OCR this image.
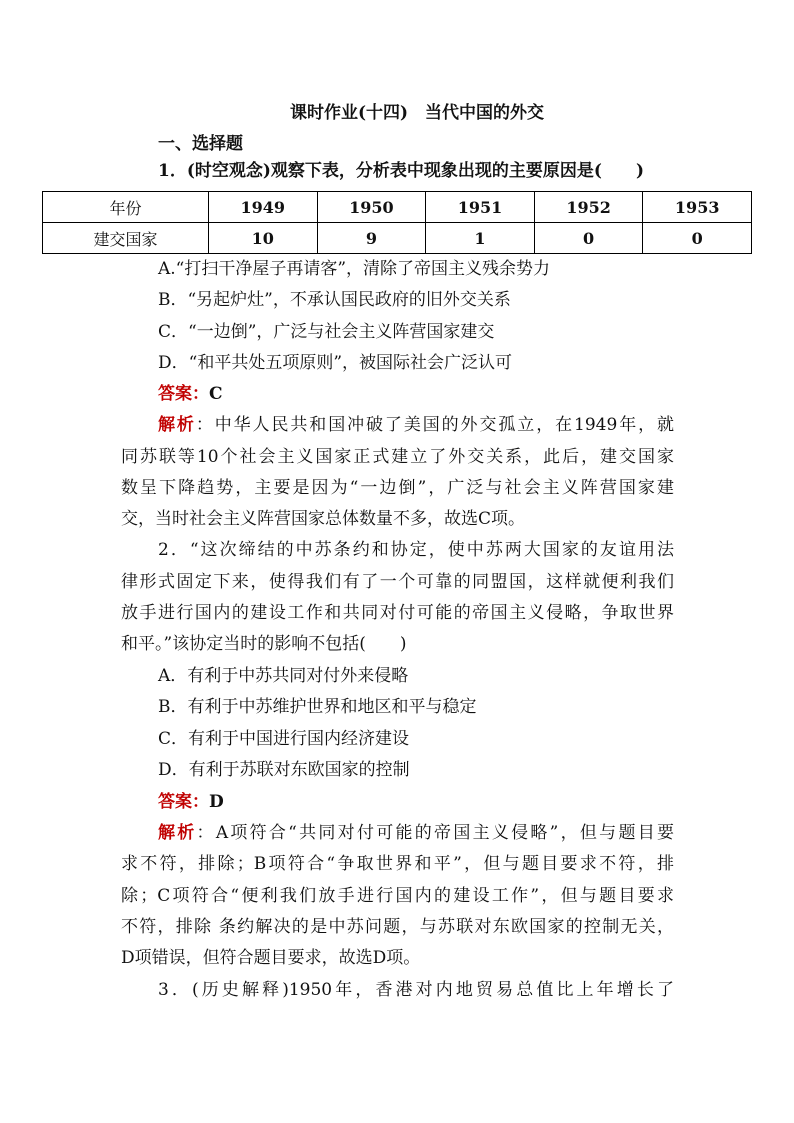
课时作业(十四)　当代中国的外交
一、选择题
1．(时空观念)观察下表，分析表中现象出现的主要原因是(　　)
年份	1949	1950	1951	1952	1953
建交国家	10	9	1	0	0
A.“打扫干净屋子再请客”，清除了帝国主义残余势力
B．“另起炉灶”，不承认国民政府的旧外交关系
C．“一边倒”，广泛与社会主义阵营国家建交
D．“和平共处五项原则”，被国际社会广泛认可
答案：C
解析：中华人民共和国冲破了美国的外交孤立，在1949年，就
同苏联等10个社会主义国家正式建立了外交关系，此后，建交国家
数呈下降趋势，主要是因为“一边倒”，广泛与社会主义阵营国家建
交，当时社会主义阵营国家总体数量不多，故选C项。
2．“这次缔结的中苏条约和协定，使中苏两大国家的友谊用法
律形式固定下来，使得我们有了一个可靠的同盟国，这样就便利我们
放手进行国内的建设工作和共同对付可能的帝国主义侵略，争取世界
和平。”该协定当时的影响不包括(　　)
A．有利于中苏共同对付外来侵略
B．有利于中苏维护世界和地区和平与稳定
C．有利于中国进行国内经济建设
D．有利于苏联对东欧国家的控制
答案：D
解析：A项符合“共同对付可能的帝国主义侵略”，但与题目要
求不符，排除；B项符合“争取世界和平”，但与题目要求不符，排
除；C项符合“便利我们放手进行国内的建设工作”，但与题目要求
不符，排除 条约解决的是中苏问题，与苏联对东欧国家的控制无关，
D项错误，但符合题目要求，故选D项。
3．(历史解释)1950年，香港对内地贸易总值比上年增长了
